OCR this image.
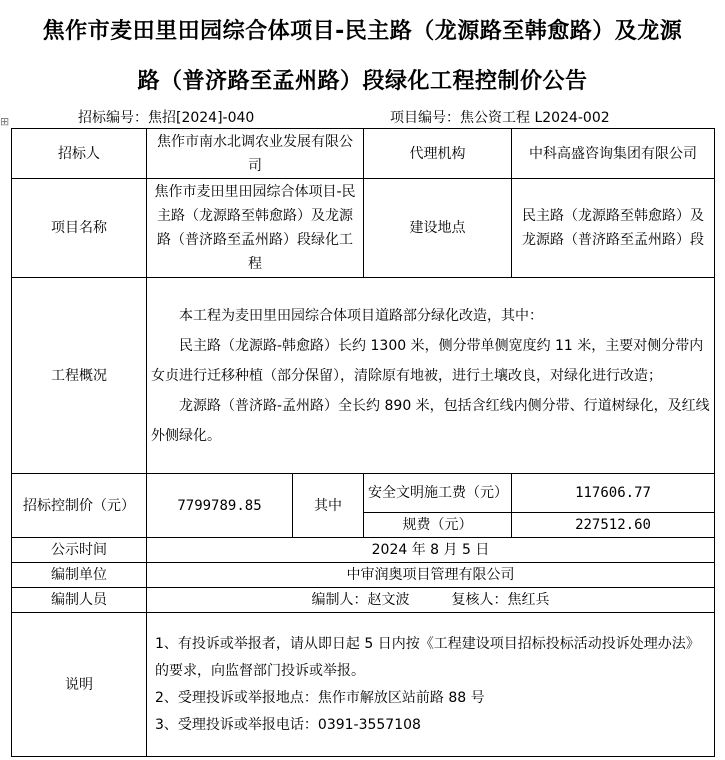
焦作市麦田里田园综合体项目-民主路（龙源路至韩愈路）及龙源
路（普济路至孟州路）段绿化工程控制价公告
⊞	招标编号：焦招[2024]-040	项目编号：焦公资工程 L2024-002
招标人	焦作市南水北调农业发展有限公司		代理机构	中科高盛咨询集团有限公司
项目名称	焦作市麦田里田园综合体项目-民主路（龙源路至韩愈路）及龙源路（普济路至孟州路）段绿化工程		建设地点	民主路（龙源路至韩愈路）及龙源路（普济路至孟州路）段
工程概况	本工程为麦田里田园综合体项目道路部分绿化改造，其中：

民主路（龙源路-韩愈路）长约 1300 米，侧分带单侧宽度约 11 米，主要对侧分带内女贞进行迁移种植（部分保留），清除原有地被，进行土壤改良，对绿化进行改造；

龙源路（普济路-孟州路）全长约 890 米，包括含红线内侧分带、行道树绿化，及红线外侧绿化。			

招标控制价（元）	7799789.85	其中	安全文明施工费（元）	117606.77
			规费（元）	227512.60
公示时间	2024 年 8 月 5 日			
编制单位	中审润奥项目管理有限公司			
编制人员	编制人：赵文波　　　复核人：焦红兵			
说明	1、有投诉或举报者，请从即日起 5 日内按《工程建设项目招标投标活动投诉处理办法》的要求，向监督部门投诉或举报。

2、受理投诉或举报地点：焦作市解放区站前路 88 号

3、受理投诉或举报电话：0391-3557108			
